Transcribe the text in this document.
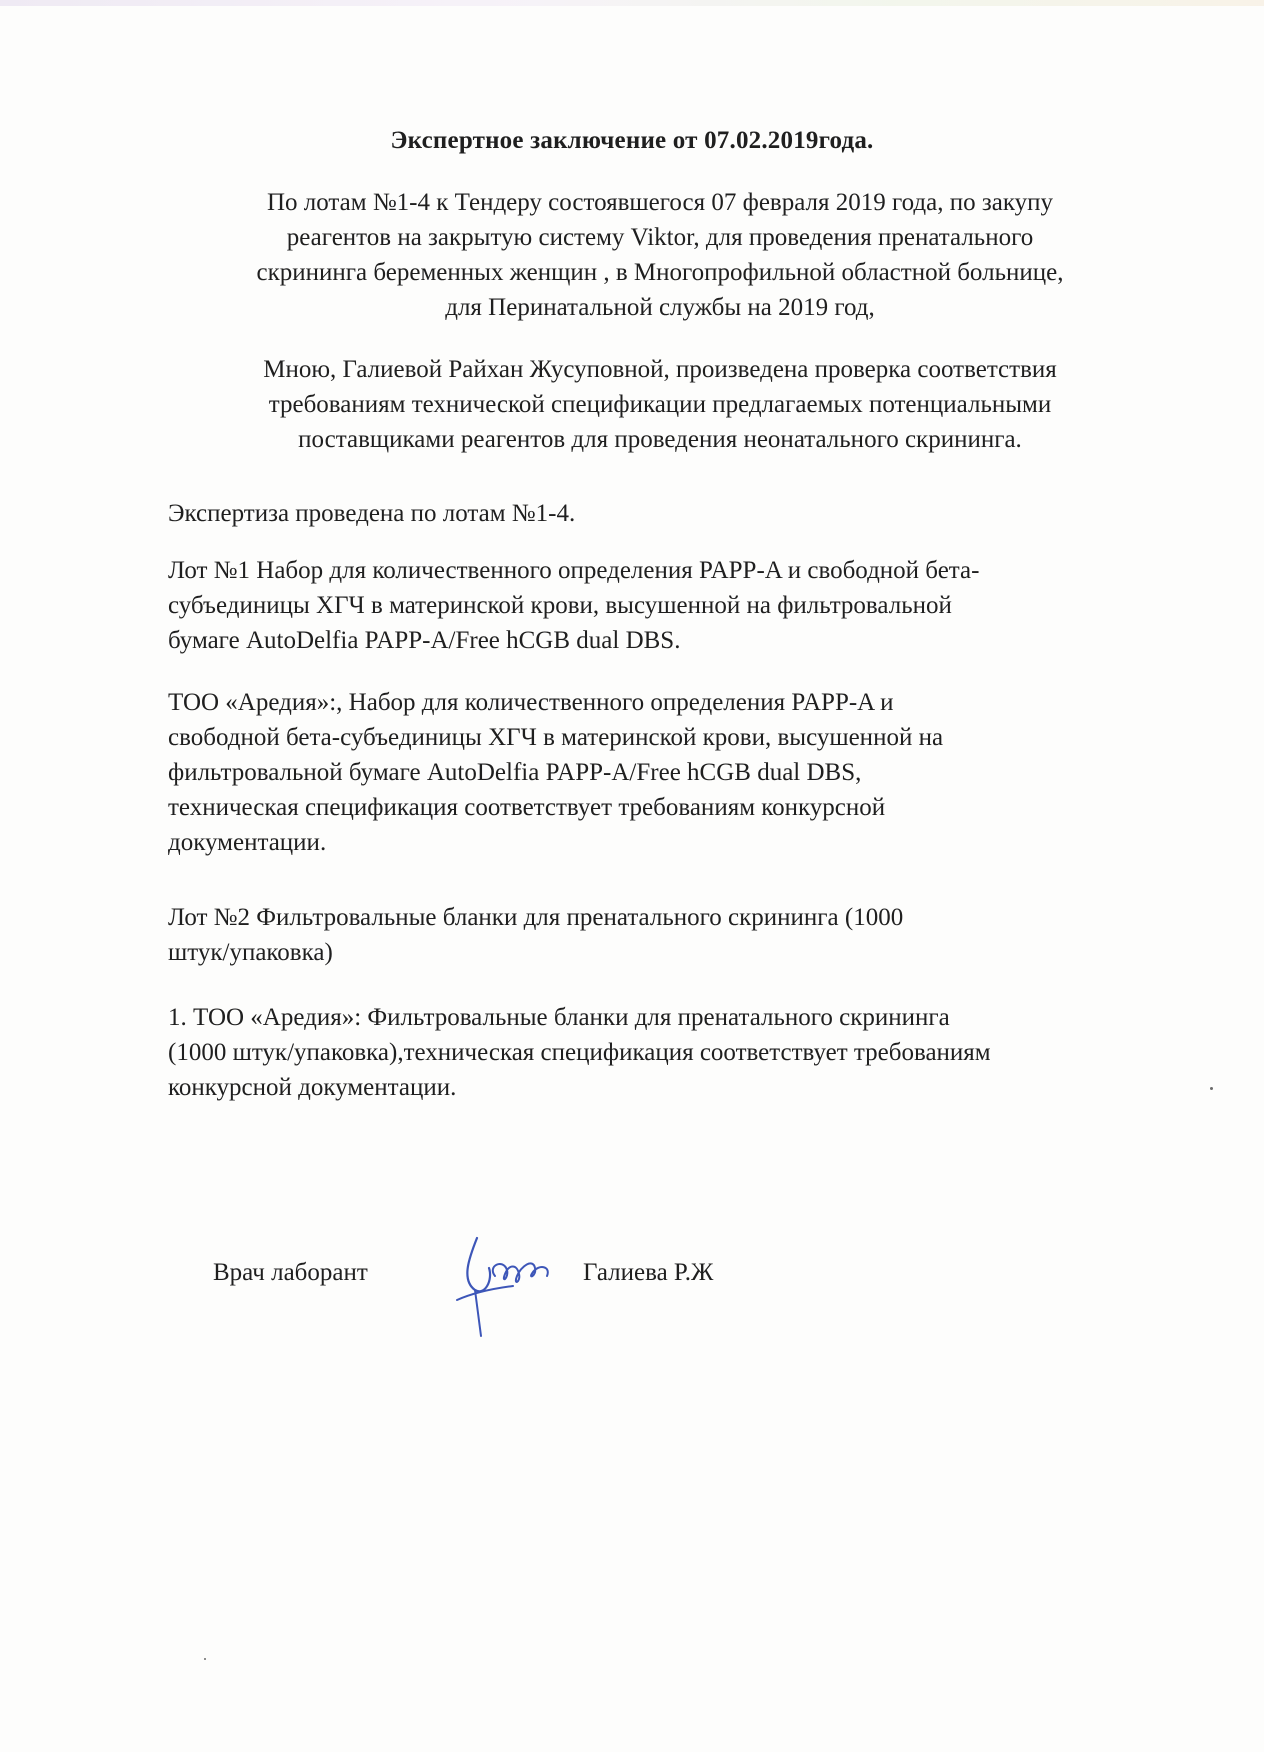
Экспертное заключение от 07.02.2019года.

По лотам №1-4 к Тендеру состоявшегося 07 февраля 2019 года, по закупу

реагентов на закрытую систему Viktor, для проведения пренатального

скрининга беременных женщин , в Многопрофильной областной больнице,

для Перинатальной службы на 2019 год,

Мною, Галиевой Райхан Жусуповной, произведена проверка соответствия

требованиям технической спецификации предлагаемых потенциальными

поставщиками реагентов для проведения неонатального скрининга.

Экспертиза проведена по лотам №1-4.

Лот №1 Набор для количественного определения PAPP-A и свободной бета-

субъединицы ХГЧ в материнской крови, высушенной на фильтровальной

бумаге AutoDelfia PAPP-A/Free hCGB dual DBS.

ТОО «Аредия»:, Набор для количественного определения PAPP-A и

свободной бета-субъединицы ХГЧ в материнской крови, высушенной на

фильтровальной бумаге AutoDelfia PAPP-A/Free hCGB dual DBS,

техническая спецификация соответствует требованиям конкурсной

документации.

Лот №2 Фильтровальные бланки для пренатального скрининга (1000

штук/упаковка)

1. ТОО «Аредия»: Фильтровальные бланки для пренатального скрининга

(1000 штук/упаковка),техническая спецификация соответствует требованиям

конкурсной документации.

Врач лаборант	Галиева Р.Ж
